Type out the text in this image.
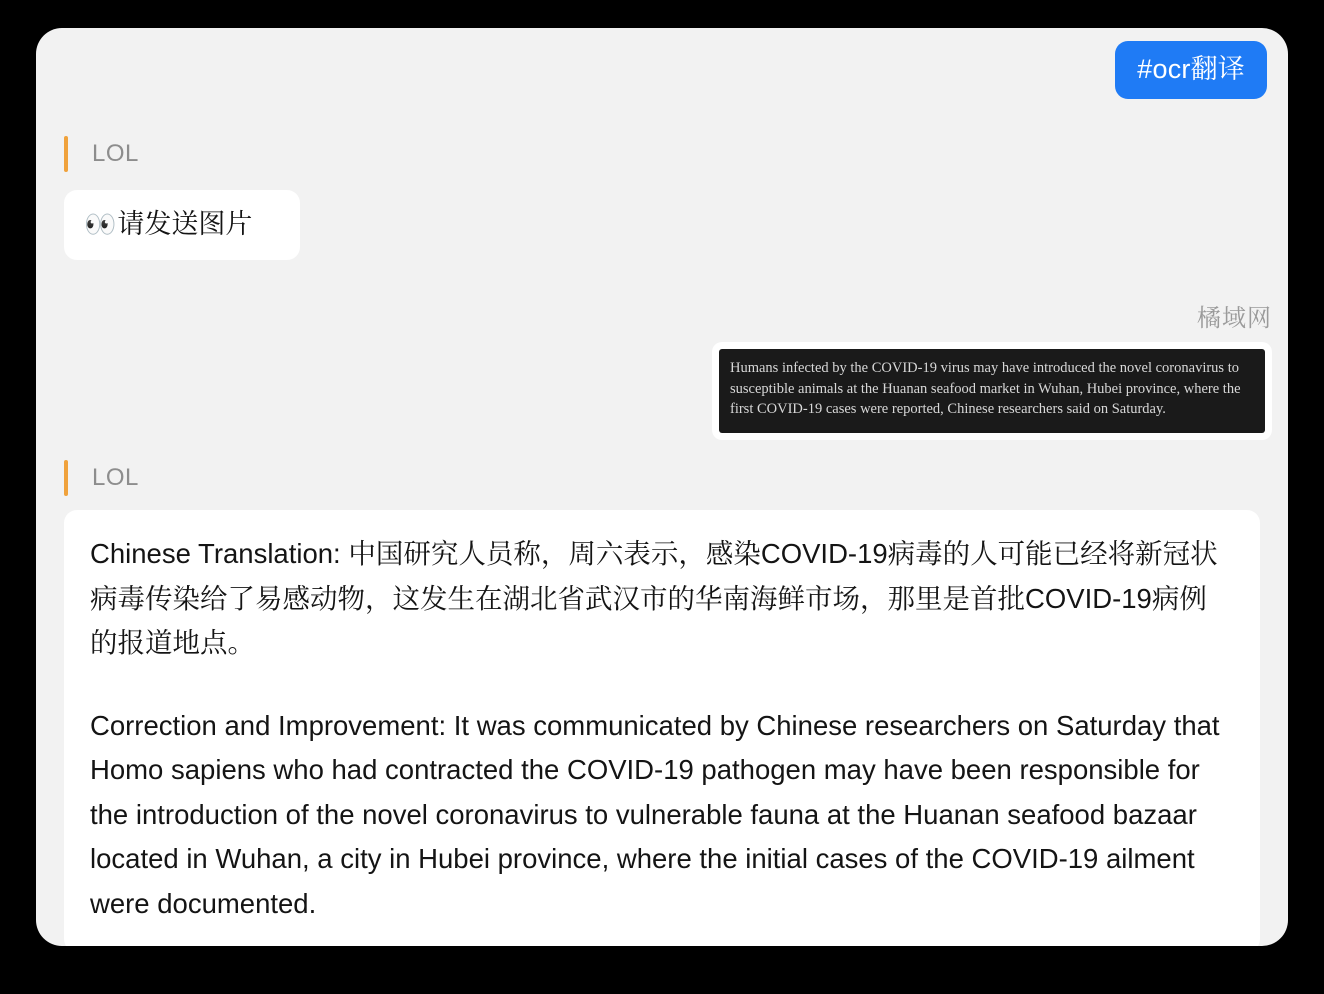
#ocr翻译
LOL
👀请发送图片
橘域网
Humans infected by the COVID-19 virus may have introduced the novel coronavirus to susceptible animals at the Huanan seafood market in Wuhan, Hubei province, where the first COVID-19 cases were reported, Chinese researchers said on Saturday.
LOL

Chinese Translation: 中国研究人员称，周六表示，感染COVID-19病毒的人可能已经将新冠状病毒传染给了易感动物，这发生在湖北省武汉市的华南海鲜市场，那里是首批COVID-19病例的报道地点。

Correction and Improvement: It was communicated by Chinese researchers on Saturday that Homo sapiens who had contracted the COVID-19 pathogen may have been responsible for the introduction of the novel coronavirus to vulnerable fauna at the Huanan seafood bazaar located in Wuhan, a city in Hubei province, where the initial cases of the COVID-19 ailment were documented.
